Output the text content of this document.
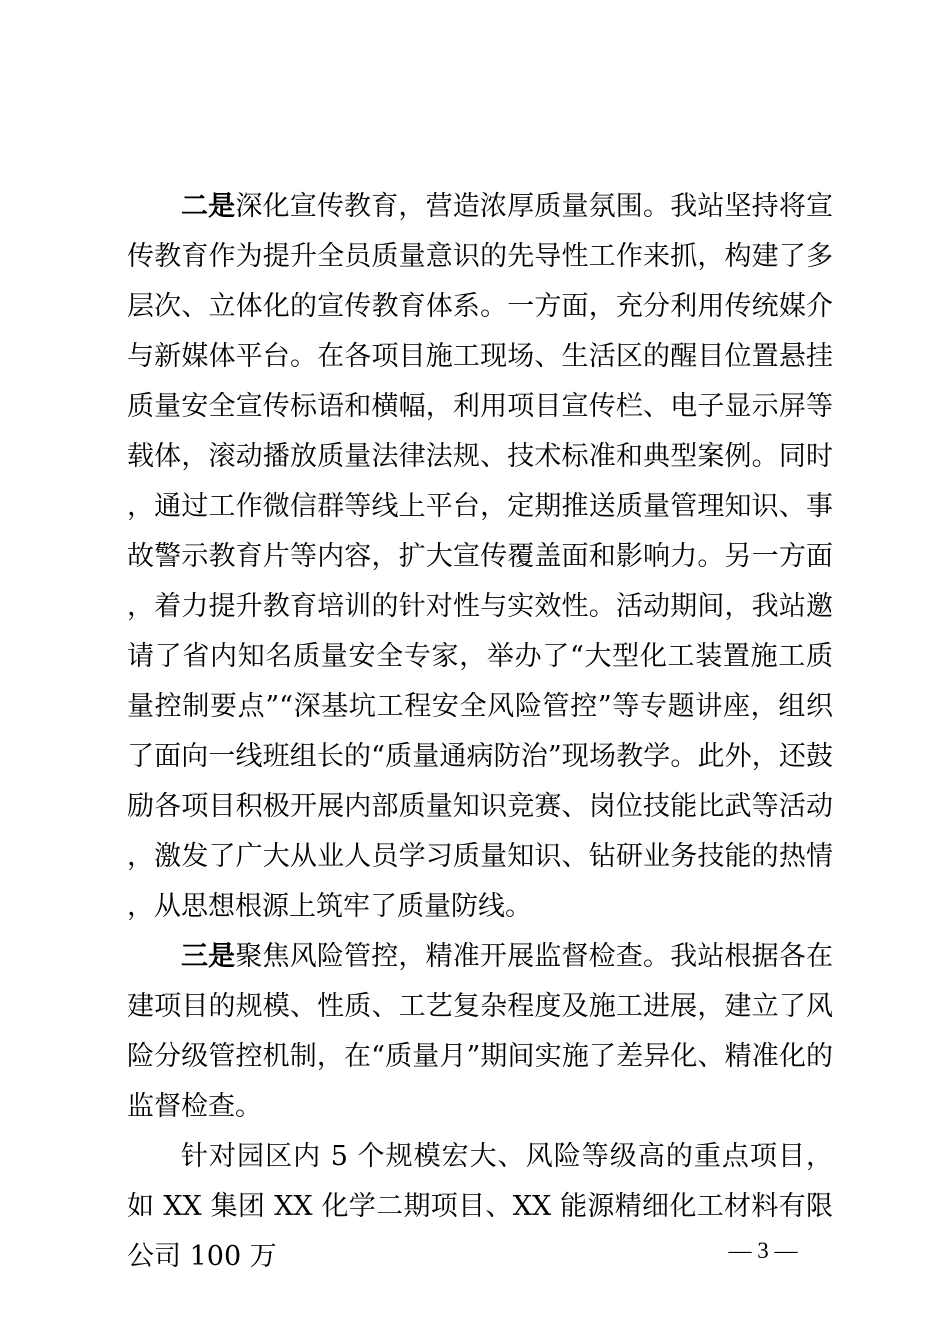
二是深化宣传教育，营造浓厚质量氛围。我站坚持将宣传教育作为提升全员质量意识的先导性工作来抓，构建了多层次、立体化的宣传教育体系。一方面，充分利用传统媒介与新媒体平台。在各项目施工现场、生活区的醒目位置悬挂质量安全宣传标语和横幅，利用项目宣传栏、电子显示屏等载体，滚动播放质量法律法规、技术标准和典型案例。同时，通过工作微信群等线上平台，定期推送质量管理知识、事故警示教育片等内容，扩大宣传覆盖面和影响力。另一方面，着力提升教育培训的针对性与实效性。活动期间，我站邀请了省内知名质量安全专家，举办了“大型化工装置施工质量控制要点”“深基坑工程安全风险管控”等专题讲座，组织了面向一线班组长的“质量通病防治”现场教学。此外，还鼓励各项目积极开展内部质量知识竞赛、岗位技能比武等活动，激发了广大从业人员学习质量知识、钻研业务技能的热情，从思想根源上筑牢了质量防线。

三是聚焦风险管控，精准开展监督检查。我站根据各在建项目的规模、性质、工艺复杂程度及施工进展，建立了风险分级管控机制，在“质量月”期间实施了差异化、精准化的监督检查。

针对园区内 5 个规模宏大、风险等级高的重点项目，如 XX 集团 XX 化学二期项目、XX 能源精细化工材料有限公司 100 万	— 3 —
